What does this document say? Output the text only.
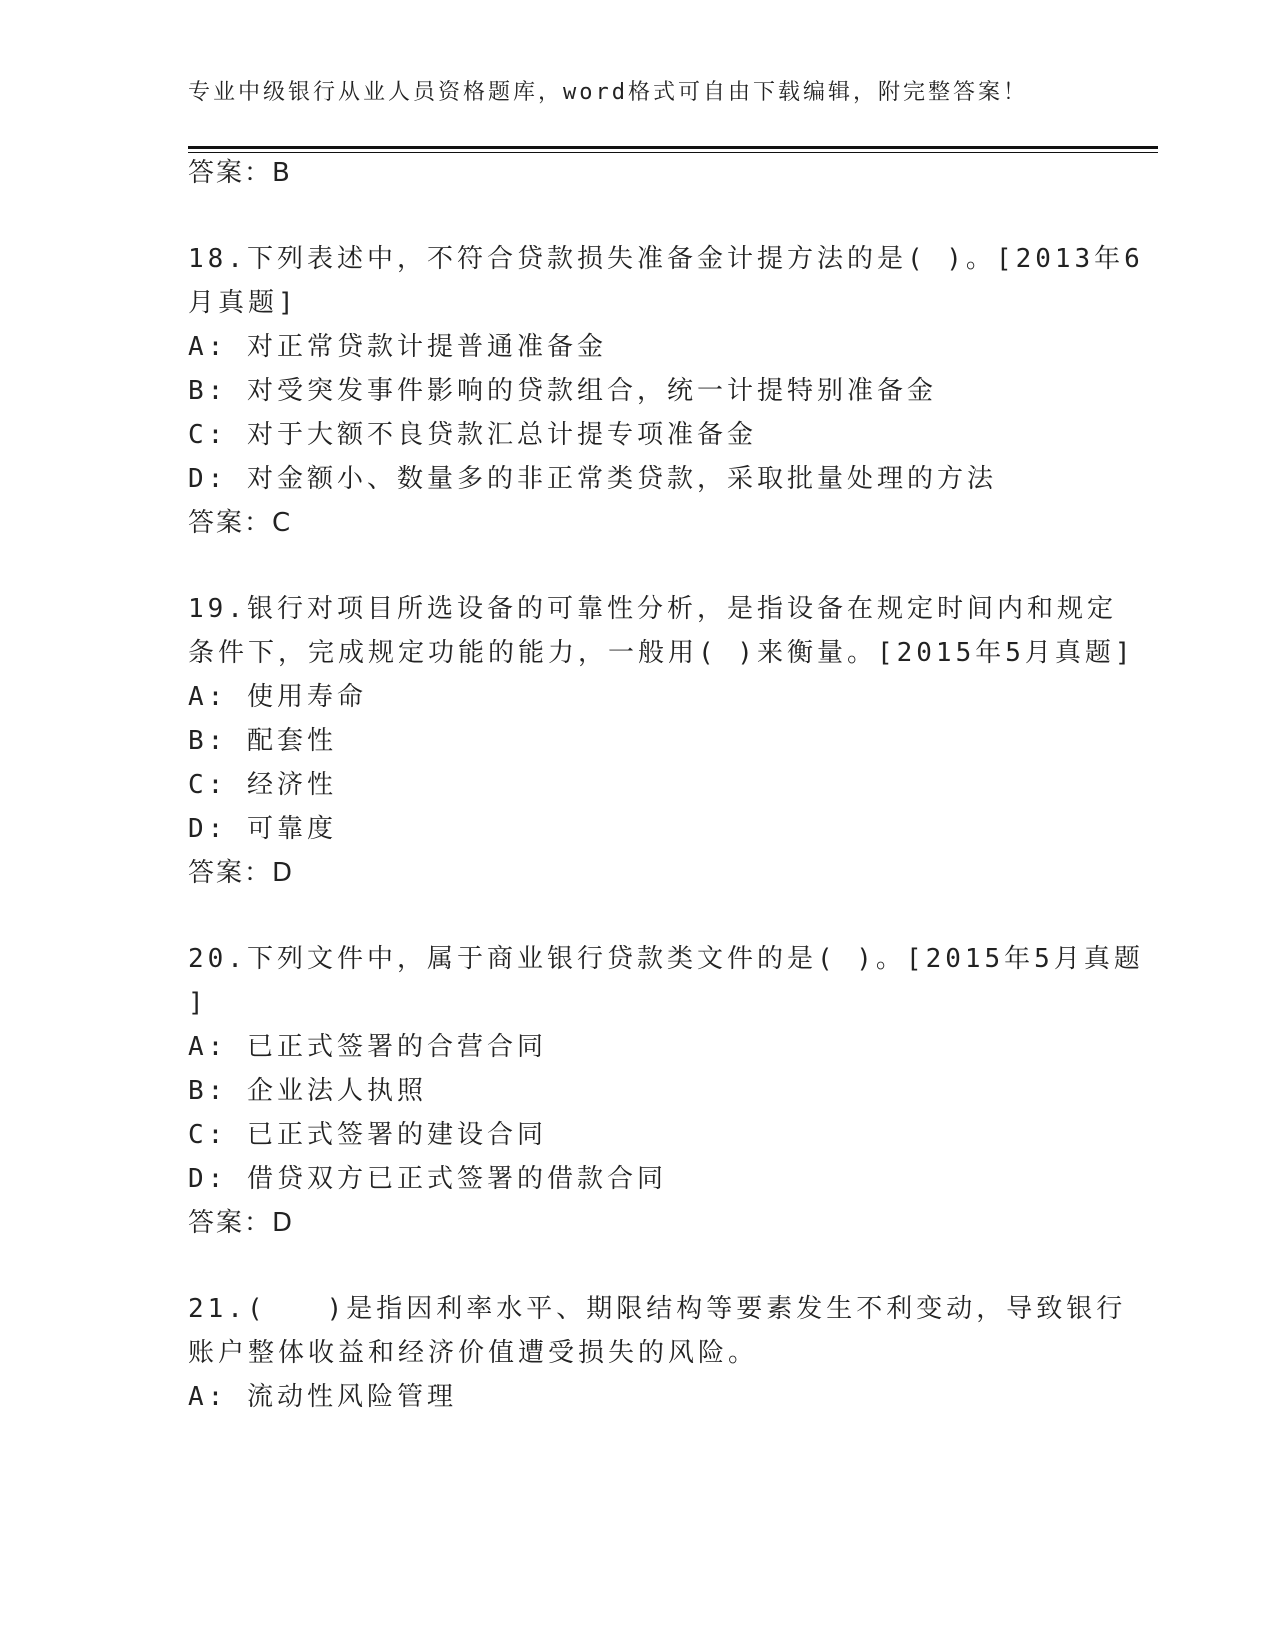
专业中级银行从业人员资格题库，word格式可自由下载编辑，附完整答案！
答案：B
18.下列表述中，不符合贷款损失准备金计提方法的是( )。[2013年6
月真题]
A: 对正常贷款计提普通准备金
B: 对受突发事件影响的贷款组合，统一计提特别准备金
C: 对于大额不良贷款汇总计提专项准备金
D: 对金额小、数量多的非正常类贷款，采取批量处理的方法
答案：C
19.银行对项目所选设备的可靠性分析，是指设备在规定时间内和规定
条件下，完成规定功能的能力，一般用( )来衡量。[2015年5月真题]
A: 使用寿命
B: 配套性
C: 经济性
D: 可靠度
答案：D
20.下列文件中，属于商业银行贷款类文件的是( )。[2015年5月真题
]
A: 已正式签署的合营合同
B: 企业法人执照
C: 已正式签署的建设合同
D: 借贷双方已正式签署的借款合同
答案：D
21.(　　)是指因利率水平、期限结构等要素发生不利变动，导致银行
账户整体收益和经济价值遭受损失的风险。
A: 流动性风险管理
